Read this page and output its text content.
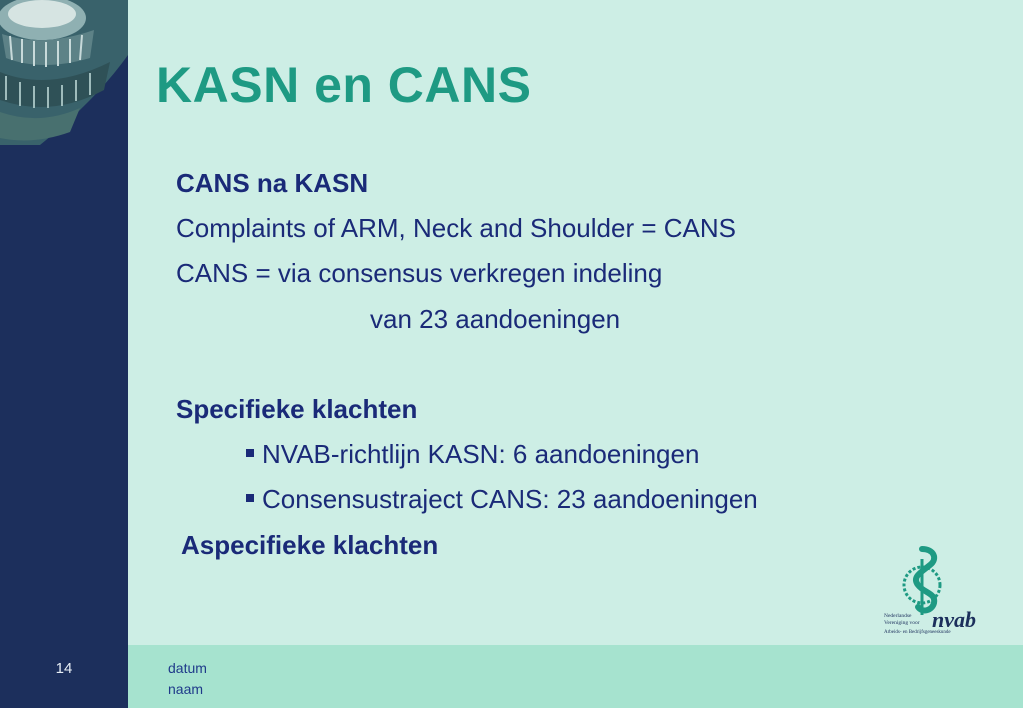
KASN en CANS
CANS na KASN
Complaints of ARM, Neck and Shoulder = CANS
CANS = via consensus verkregen indeling
van 23 aandoeningen
Specifieke klachten
NVAB-richtlijn KASN: 6 aandoeningen
Consensustraject CANS: 23 aandoeningen
Aspecifieke klachten
Nederlandse
Vereniging voor
Arbeids- en Bedrijfsgeneeskunde
nvab
14	datum
naam
